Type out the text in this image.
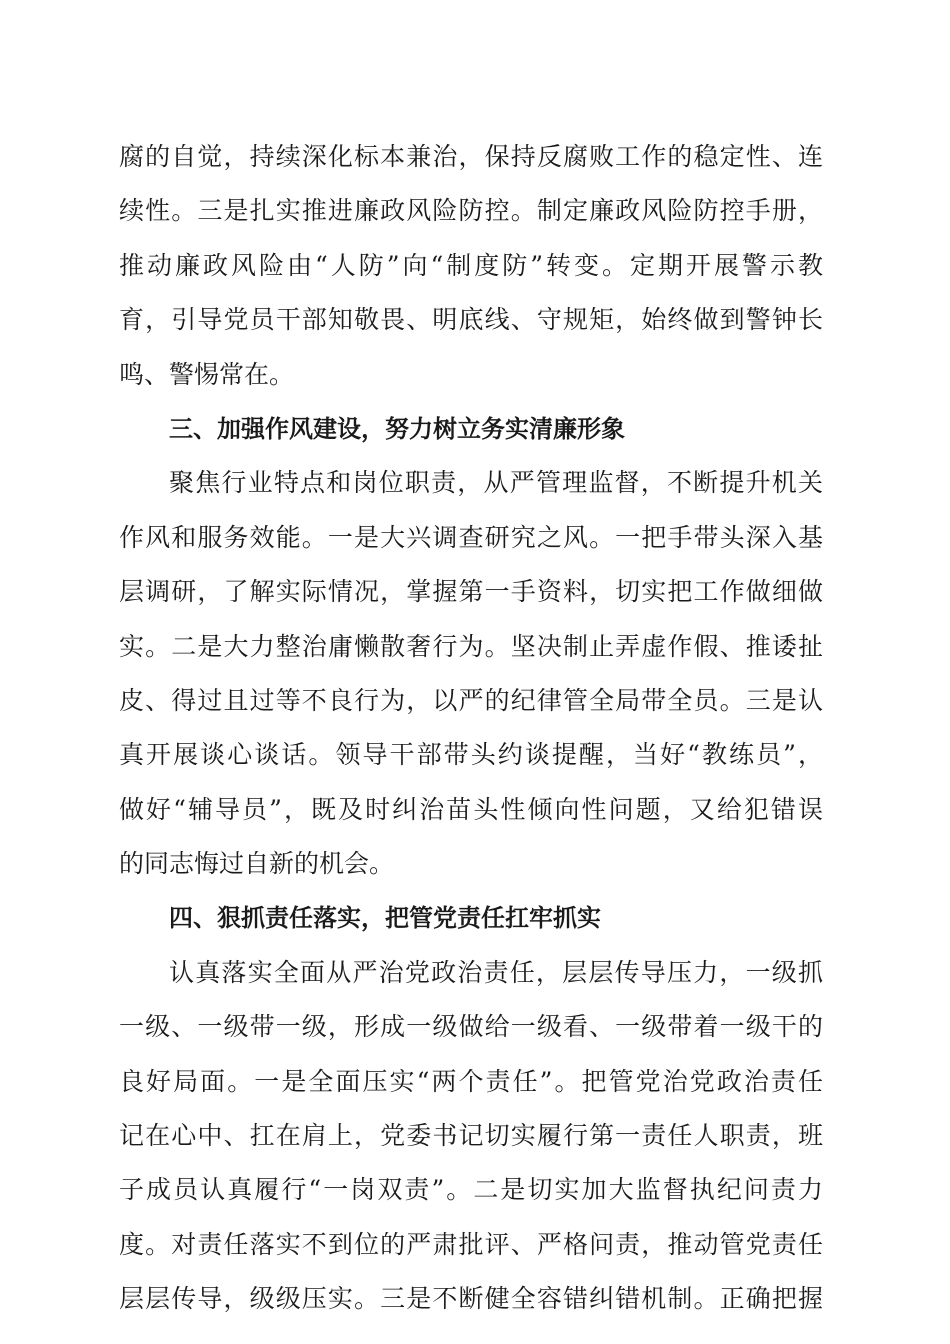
腐的自觉，持续深化标本兼治，保持反腐败工作的稳定性、连
续性。三是扎实推进廉政风险防控。制定廉政风险防控手册，
推动廉政风险由“人防”向“制度防”转变。定期开展警示教
育，引导党员干部知敬畏、明底线、守规矩，始终做到警钟长
鸣、警惕常在。
三、加强作风建设，努力树立务实清廉形象
聚焦行业特点和岗位职责，从严管理监督，不断提升机关
作风和服务效能。一是大兴调查研究之风。一把手带头深入基
层调研，了解实际情况，掌握第一手资料，切实把工作做细做
实。二是大力整治庸懒散奢行为。坚决制止弄虚作假、推诿扯
皮、得过且过等不良行为，以严的纪律管全局带全员。三是认
真开展谈心谈话。领导干部带头约谈提醒，当好“教练员”，
做好“辅导员”，既及时纠治苗头性倾向性问题，又给犯错误
的同志悔过自新的机会。
四、狠抓责任落实，把管党责任扛牢抓实
认真落实全面从严治党政治责任，层层传导压力，一级抓
一级、一级带一级，形成一级做给一级看、一级带着一级干的
良好局面。一是全面压实“两个责任”。把管党治党政治责任
记在心中、扛在肩上，党委书记切实履行第一责任人职责，班
子成员认真履行“一岗双责”。二是切实加大监督执纪问责力
度。对责任落实不到位的严肃批评、严格问责，推动管党责任
层层传导，级级压实。三是不断健全容错纠错机制。正确把握
